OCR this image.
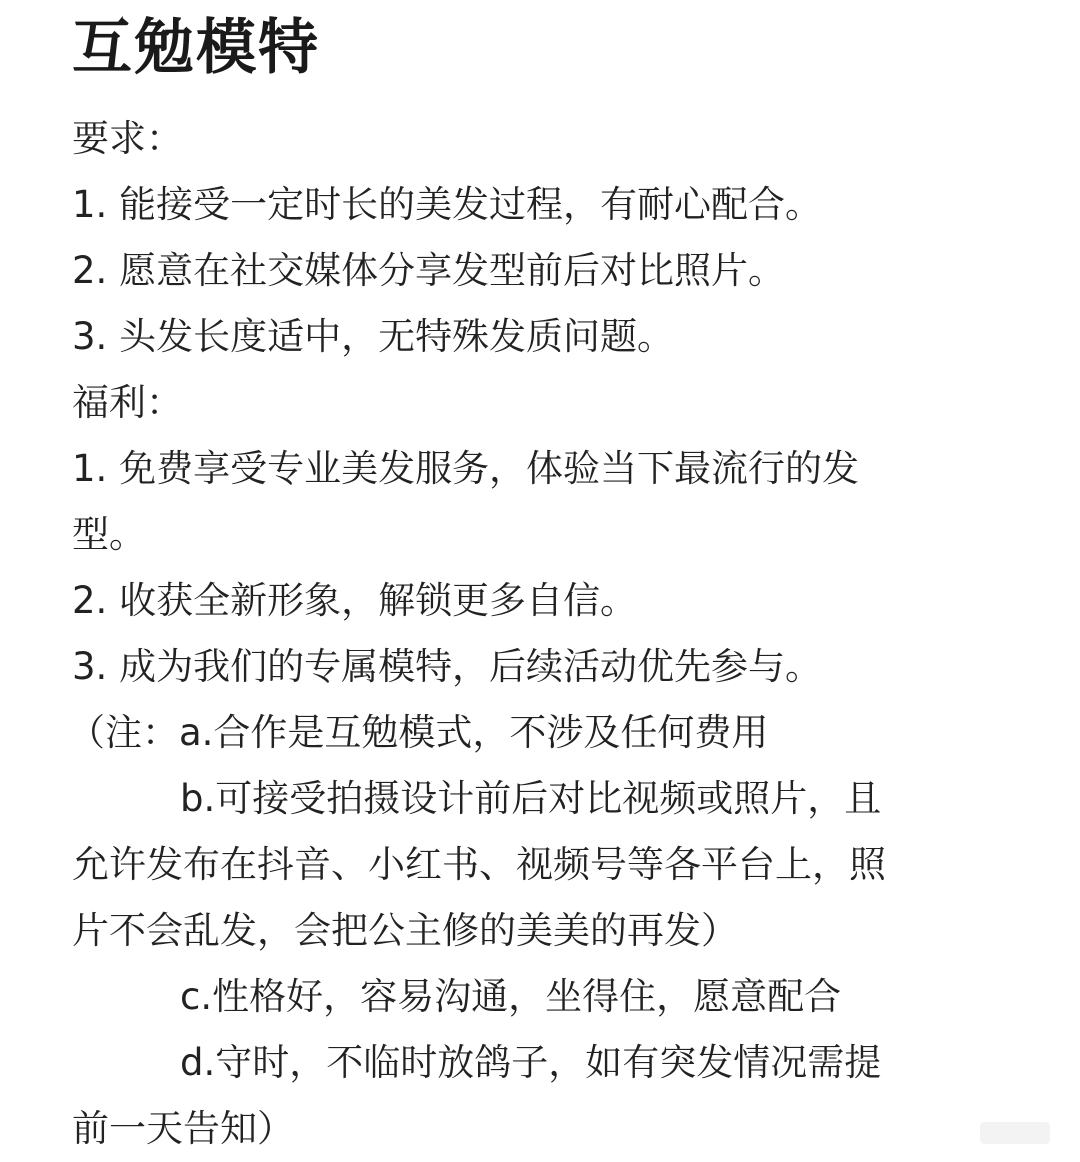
互勉模特
要求：
1. 能接受一定时长的美发过程，有耐心配合。
2. 愿意在社交媒体分享发型前后对比照片。
3. 头发长度适中，无特殊发质问题。
福利：
1. 免费享受专业美发服务，体验当下最流行的发
型。
2. 收获全新形象，解锁更多自信。
3. 成为我们的专属模特，后续活动优先参与。
（注：a.合作是互勉模式，不涉及任何费用
b.可接受拍摄设计前后对比视频或照片，且
允许发布在抖音、小红书、视频号等各平台上，照
片不会乱发，会把公主修的美美的再发）
c.性格好，容易沟通，坐得住，愿意配合
d.守时，不临时放鸽子，如有突发情况需提
前一天告知）
